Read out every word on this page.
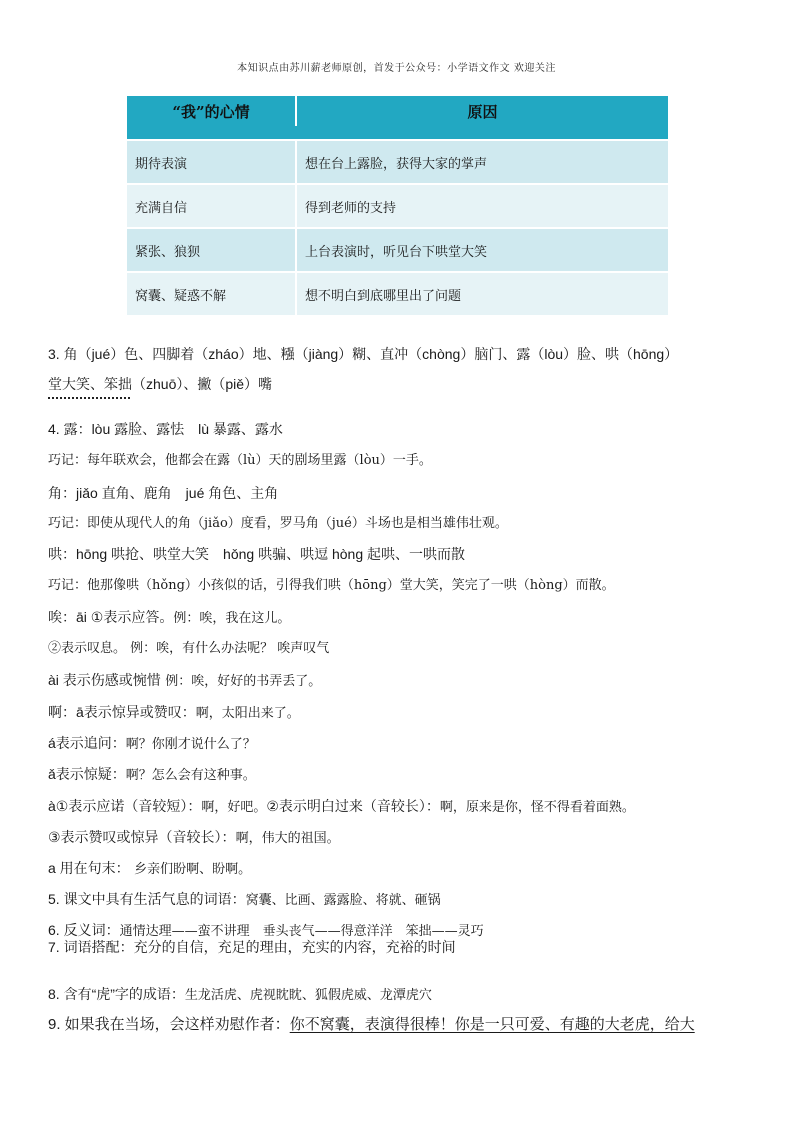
本知识点由苏川薪老师原创，首发于公众号：小学语文作文 欢迎关注
“我”的心情	原因

期待表演	想在台上露脸，获得大家的掌声
充满自信	得到老师的支持
紧张、狼狈	上台表演时，听见台下哄堂大笑
窝囊、疑惑不解	想不明白到底哪里出了问题
3. 角（jué）色、四脚着（zháo）地、糨（jiàng）糊、直冲（chòng）脑门、露（lòu）脸、哄（hōng）
堂大笑、笨拙（zhuō）、撇（piě）嘴
4. 露：lòu 露脸、露怯　lù 暴露、露水
巧记：每年联欢会，他都会在露（lù）天的剧场里露（lòu）一手。
角：jiǎo 直角、鹿角　jué 角色、主角
巧记：即使从现代人的角（jiǎo）度看，罗马角（jué）斗场也是相当雄伟壮观。
哄：hōng 哄抢、哄堂大笑　hǒng 哄骗、哄逗 hòng 起哄、一哄而散
巧记：他那像哄（hǒng）小孩似的话，引得我们哄（hōng）堂大笑，笑完了一哄（hòng）而散。
唉：āi ①表示应答。例：唉，我在这儿。
②表示叹息。 例：唉，有什么办法呢？ 唉声叹气
ài 表示伤感或惋惜 例：唉，好好的书弄丢了。
啊：ā表示惊异或赞叹：啊，太阳出来了。
á表示追问：啊？你刚才说什么了？
ǎ表示惊疑：啊？怎么会有这种事。
à①表示应诺（音较短）：啊，好吧。②表示明白过来（音较长）：啊，原来是你，怪不得看着面熟。
③表示赞叹或惊异（音较长）：啊，伟大的祖国。
a 用在句末： 乡亲们盼啊、盼啊。
5. 课文中具有生活气息的词语：窝囊、比画、露露脸、将就、砸锅
6. 反义词：通情达理——蛮不讲理　垂头丧气——得意洋洋　笨拙——灵巧
7. 词语搭配：充分的自信，充足的理由，充实的内容，充裕的时间
8. 含有“虎”字的成语：生龙活虎、虎视眈眈、狐假虎威、龙潭虎穴
9. 如果我在当场，会这样劝慰作者：你不窝囊，表演得很棒！你是一只可爱、有趣的大老虎，给大
